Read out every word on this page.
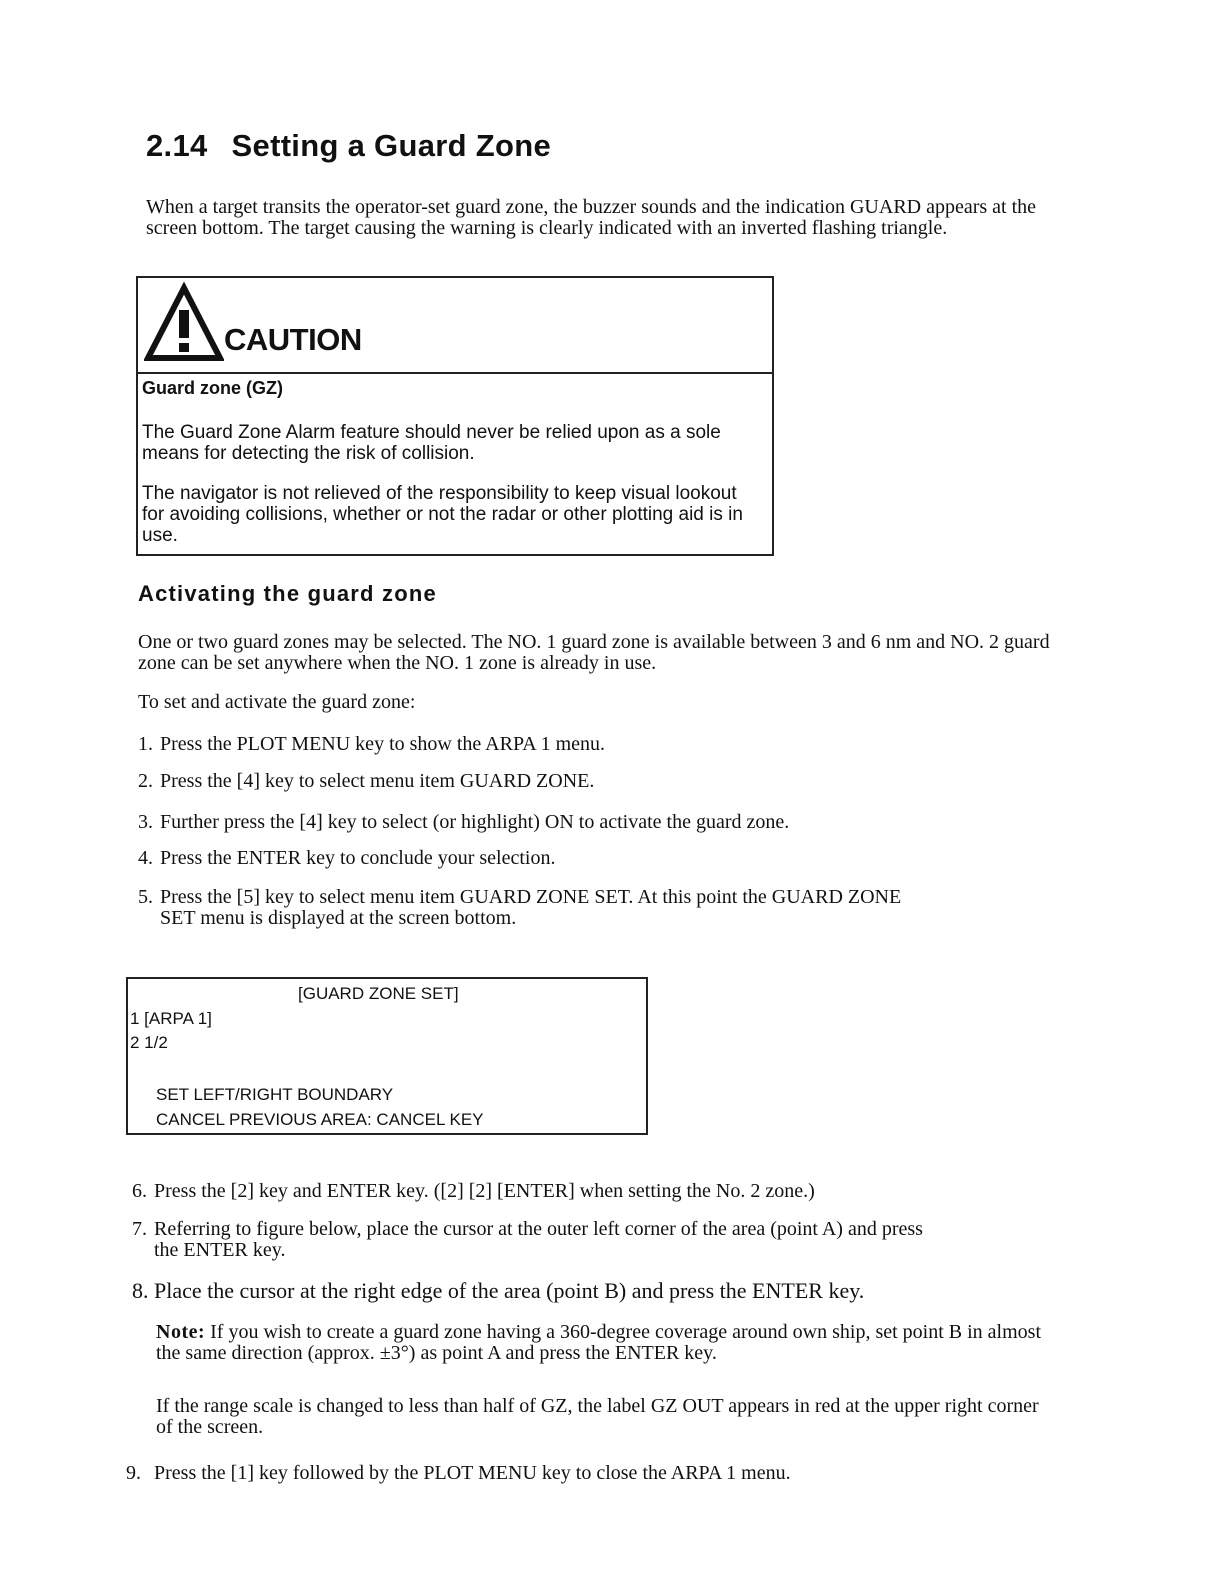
2.14 Setting a Guard Zone
When a target transits the operator-set guard zone, the buzzer sounds and the indication GUARD appears at the screen bottom. The target causing the warning is clearly indicated with an inverted flashing triangle.
CAUTION
Guard zone (GZ)
The Guard Zone Alarm feature should never be relied upon as a sole means for detecting the risk of collision.
The navigator is not relieved of the responsibility to keep visual lookout for avoiding collisions, whether or not the radar or other plotting aid is in use.
Activating the guard zone
One or two guard zones may be selected. The NO. 1 guard zone is available between 3 and 6 nm and NO. 2 guard zone can be set anywhere when the NO. 1 zone is already in use.
To set and activate the guard zone:
1. Press the PLOT MENU key to show the ARPA 1 menu.
2. Press the [4] key to select menu item GUARD ZONE.
3. Further press the [4] key to select (or highlight) ON to activate the guard zone.
4. Press the ENTER key to conclude your selection.
5. Press the [5] key to select menu item GUARD ZONE SET. At this point the GUARD ZONE
SET menu is displayed at the screen bottom.
[GUARD ZONE SET]
1 [ARPA 1]
2 1/2
SET LEFT/RIGHT BOUNDARY
CANCEL PREVIOUS AREA: CANCEL KEY
6. Press the [2] key and ENTER key. ([2] [2] [ENTER] when setting the No. 2 zone.)
7. Referring to figure below, place the cursor at the outer left corner of the area (point A) and press
the ENTER key.
8. Place the cursor at the right edge of the area (point B) and press the ENTER key.
Note: If you wish to create a guard zone having a 360-degree coverage around own ship, set point B in almost the same direction (approx. ±3°) as point A and press the ENTER key.
If the range scale is changed to less than half of GZ, the label GZ OUT appears in red at the upper right corner of the screen.
9. Press the [1] key followed by the PLOT MENU key to close the ARPA 1 menu.
